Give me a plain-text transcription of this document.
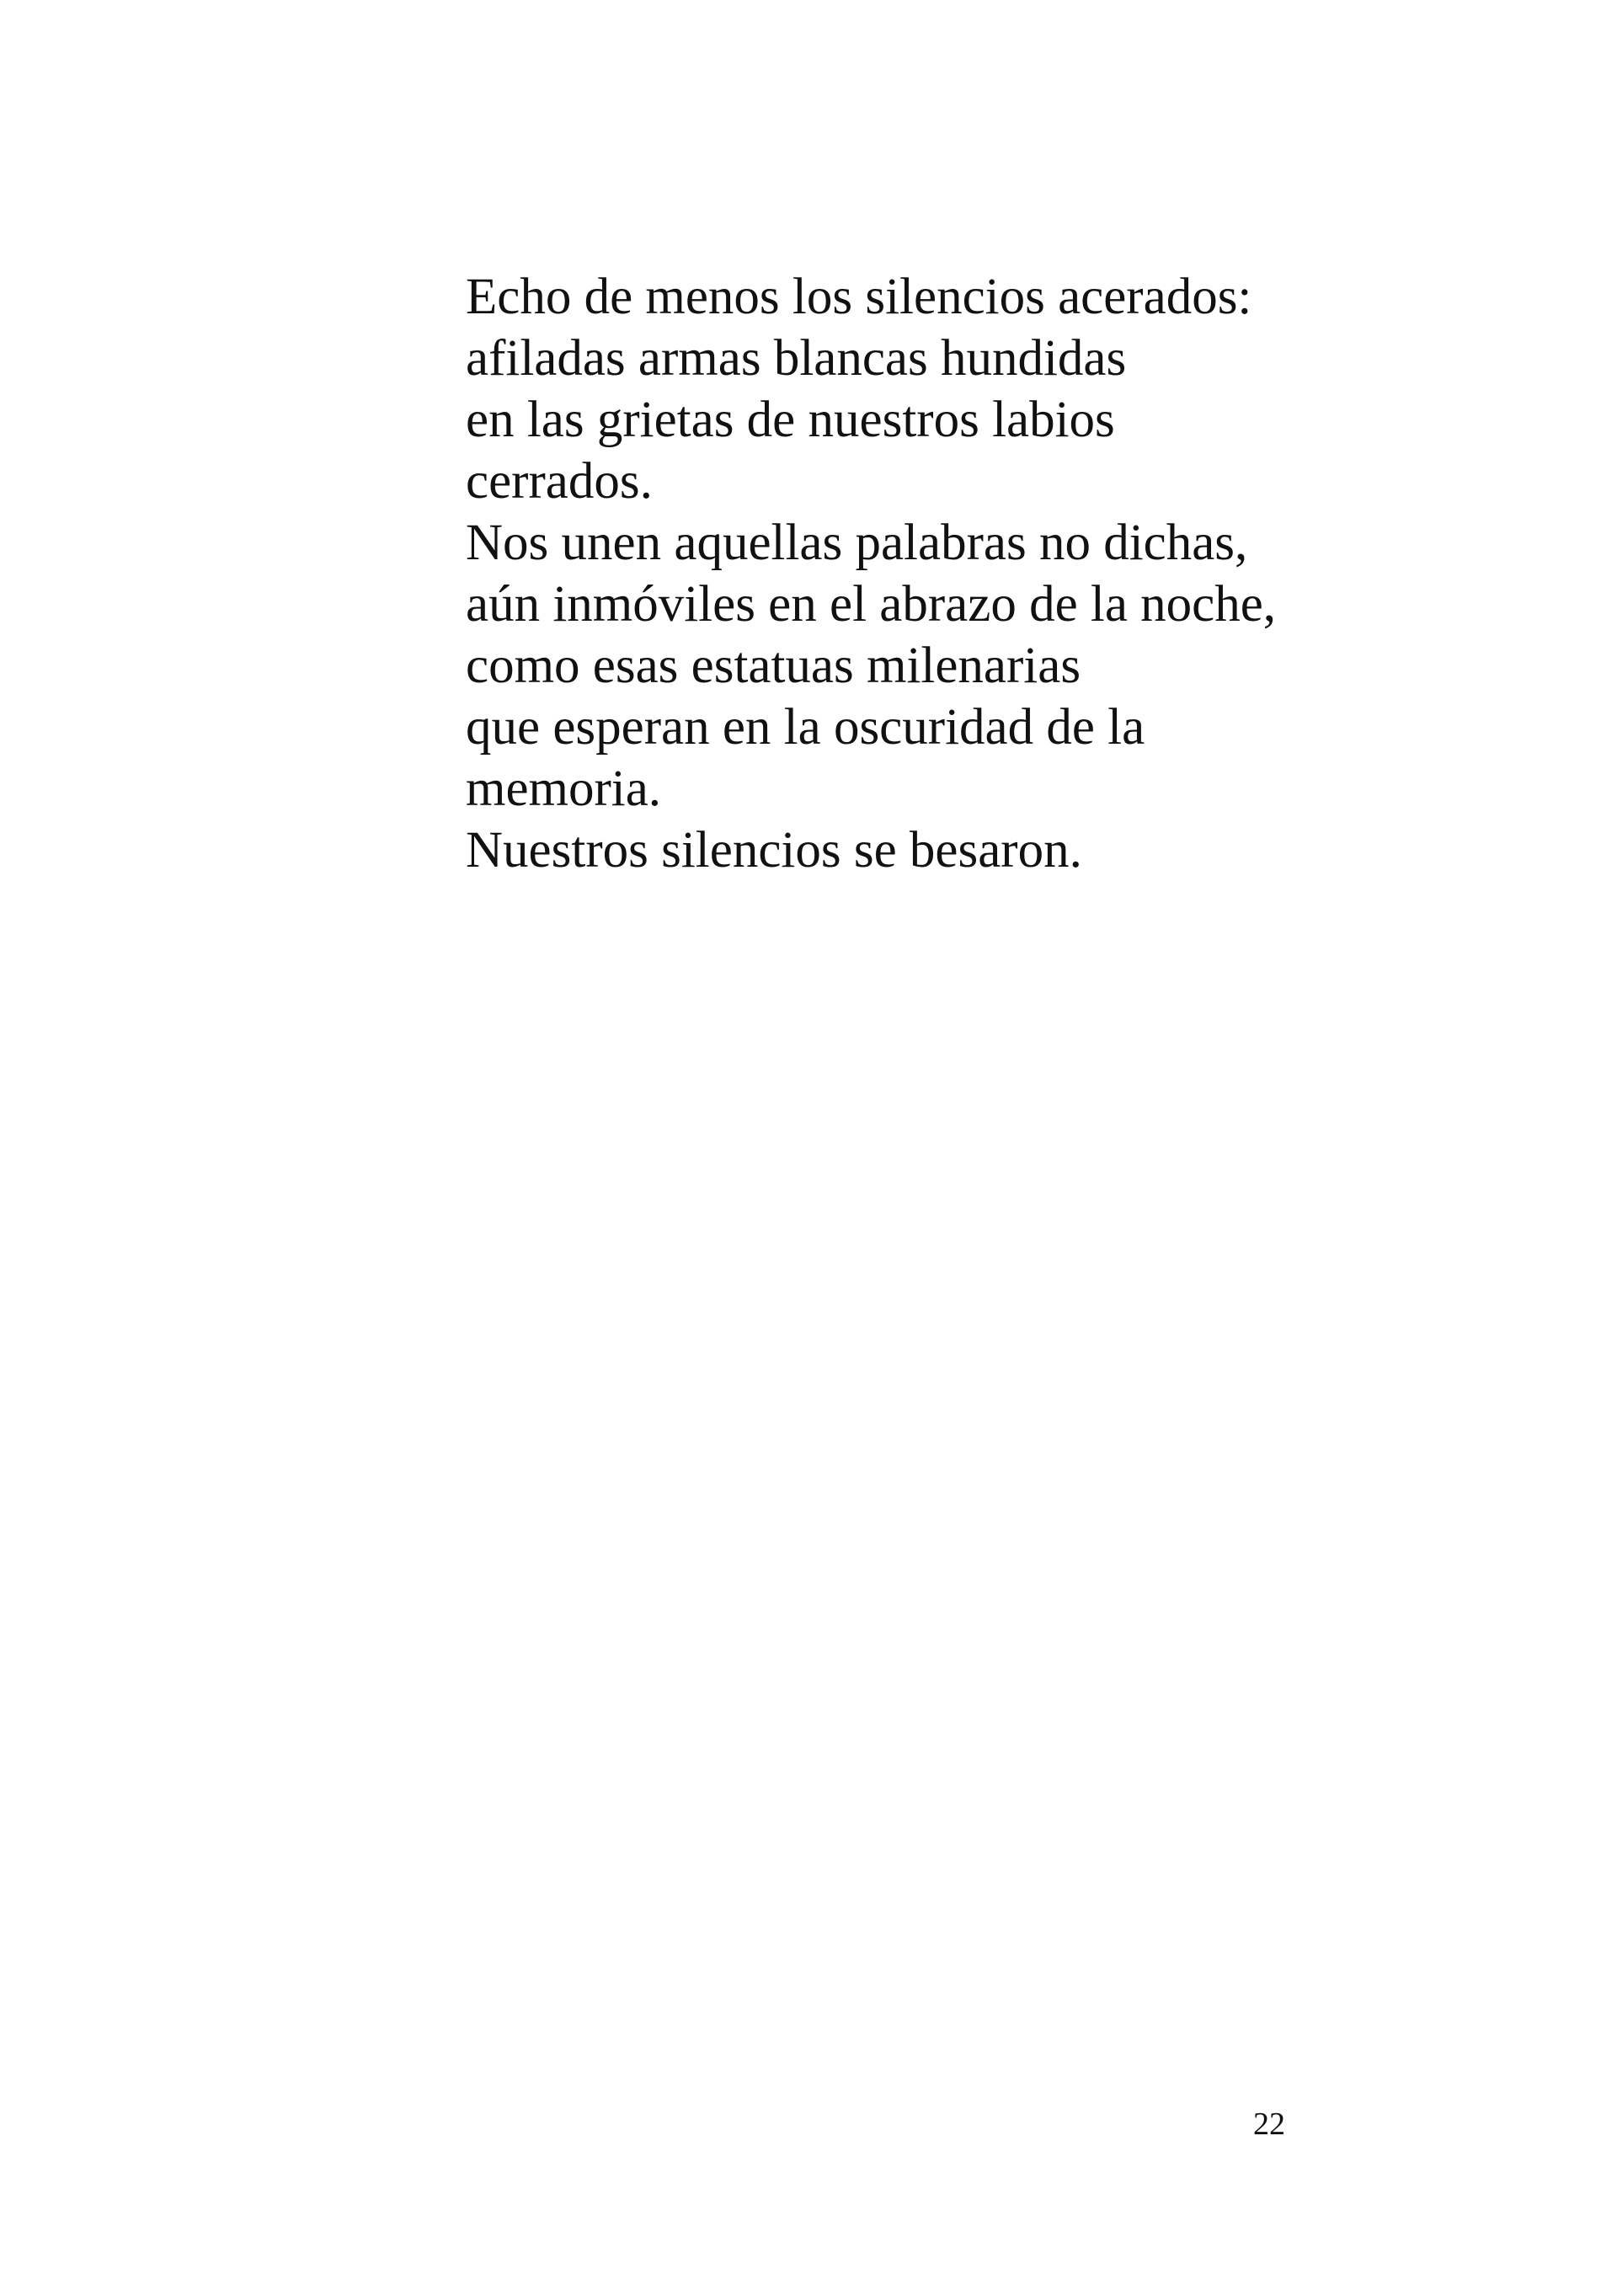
Echo de menos los silencios acerados:
afiladas armas blancas hundidas
en las grietas de nuestros labios
cerrados.
Nos unen aquellas palabras no dichas,
aún inmóviles en el abrazo de la noche,
como esas estatuas milenarias
que esperan en la oscuridad de la
memoria.
Nuestros silencios se besaron.
22
